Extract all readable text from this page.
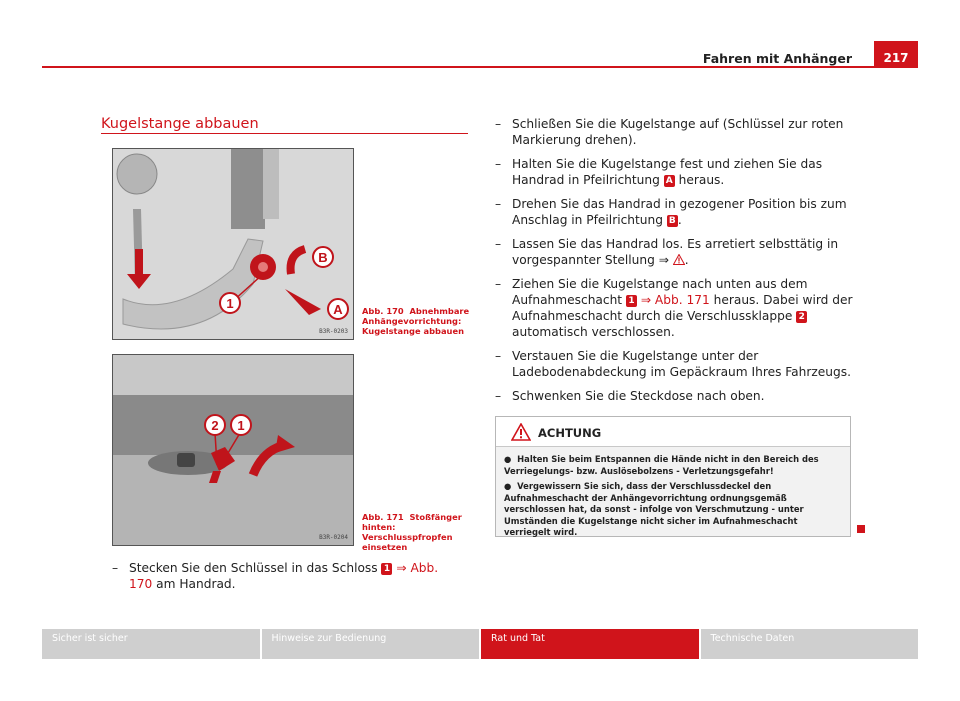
Fahren mit Anhänger	217
Kugelstange abbauen
B
1	A
B3R-0203
Abb. 170 Abnehmbare Anhängevorrichtung: Kugelstange abbauen
2 1
B3R-0204
Abb. 171 Stoßfänger hinten: Verschlusspfropfen einsetzen
– Stecken Sie den Schlüssel in das Schloss 1 ⇒ Abb. 170 am Handrad.
– Schließen Sie die Kugelstange auf (Schlüssel zur roten Markierung drehen).
– Halten Sie die Kugelstange fest und ziehen Sie das Handrad in Pfeilrichtung A heraus.
– Drehen Sie das Handrad in gezogener Position bis zum Anschlag in Pfeilrichtung B .
– Lassen Sie das Handrad los. Es arretiert selbsttätig in vorgespannter Stellung ⇒ .
– Ziehen Sie die Kugelstange nach unten aus dem Aufnahmeschacht 1 ⇒ Abb. 171 heraus. Dabei wird der Aufnahmeschacht durch die Verschlussklappe 2 automatisch verschlossen.
– Verstauen Sie die Kugelstange unter der Ladebodenabdeckung im Gepäckraum Ihres Fahrzeugs.
– Schwenken Sie die Steckdose nach oben.
ACHTUNG

● Halten Sie beim Entspannen die Hände nicht in den Bereich des Verriegelungs- bzw. Auslösebolzens - Verletzungsgefahr!

● Vergewissern Sie sich, dass der Verschlussdeckel den Aufnahmeschacht der Anhängevorrichtung ordnungsgemäß verschlossen hat, da sonst - infolge von Verschmutzung - unter Umständen die Kugelstange nicht sicher im Aufnahmeschacht verriegelt wird.

Sicher ist sicher	Hinweise zur Bedienung	Rat und Tat	Technische Daten
